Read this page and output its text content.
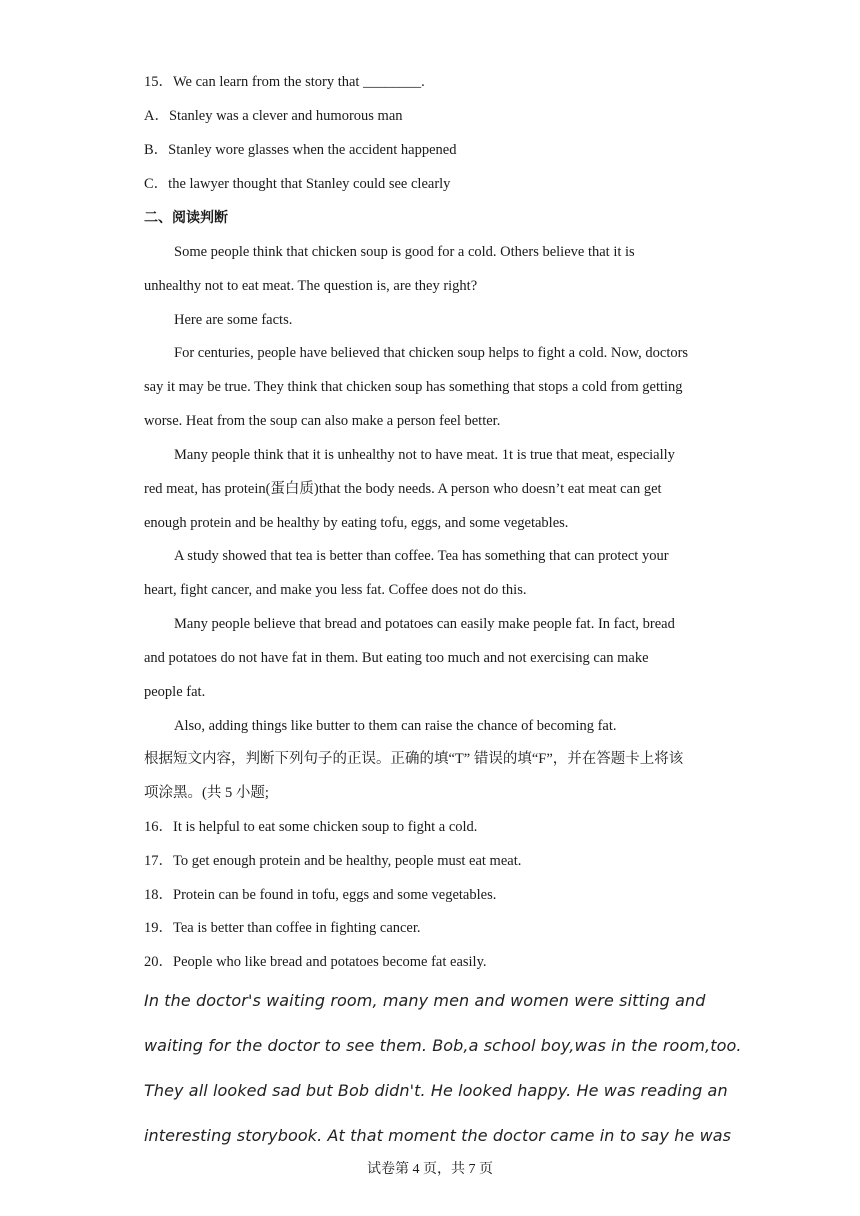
15．We can learn from the story that ________.
A．Stanley was a clever and humorous man
B．Stanley wore glasses when the accident happened
C．the lawyer thought that Stanley could see clearly
二、阅读判断
Some people think that chicken soup is good for a cold. Others believe that it is
unhealthy not to eat meat. The question is, are they right?
Here are some facts.
For centuries, people have believed that chicken soup helps to fight a cold. Now, doctors
say it may be true. They think that chicken soup has something that stops a cold from getting
worse. Heat from the soup can also make a person feel better.
Many people think that it is unhealthy not to have meat. 1t is true that meat, especially
red meat, has protein(蛋白质)that the body needs. A person who doesn’t eat meat can get
enough protein and be healthy by eating tofu, eggs, and some vegetables.
A study showed that tea is better than coffee. Tea has something that can protect your
heart, fight cancer, and make you less fat. Coffee does not do this.
Many people believe that bread and potatoes can easily make people fat. In fact, bread
and potatoes do not have fat in them. But eating too much and not exercising can make
people fat.
Also, adding things like butter to them can raise the chance of becoming fat.
根据短文内容，判断下列句子的正误。正确的填“T” 错误的填“F”，并在答题卡上将该
项涂黑。(共 5 小题;
16．It is helpful to eat some chicken soup to fight a cold.
17．To get enough protein and be healthy, people must eat meat.
18．Protein can be found in tofu, eggs and some vegetables.
19．Tea is better than coffee in fighting cancer.
20．People who like bread and potatoes become fat easily.
In the doctor's waiting room, many men and women were sitting and
waiting for the doctor to see them. Bob,a school boy,was in the room,too.
They all looked sad but Bob didn't. He looked happy. He was reading an
interesting storybook. At that moment the doctor came in to say he was
试卷第 4 页，共 7 页
